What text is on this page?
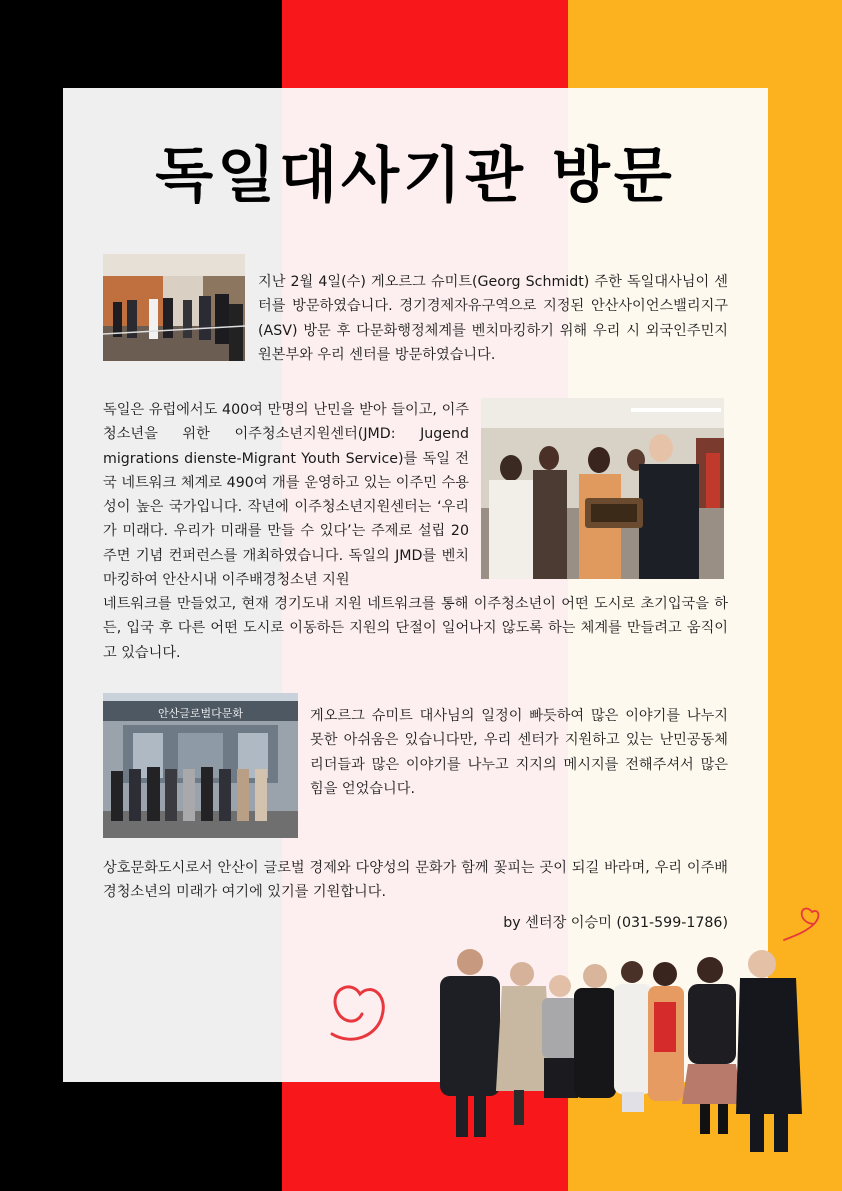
독일대사기관 방문
지난 2월 4일(수) 게오르그 슈미트(Georg Schmidt) 주한 독일대사님이 센터를 방문하였습니다. 경기경제자유구역으로 지정된 안산사이언스밸리지구(ASV) 방문 후 다문화행정체계를 벤치마킹하기 위해 우리 시 외국인주민지원본부와 우리 센터를 방문하였습니다.
독일은 유럽에서도 400여 만명의 난민을 받아 들이고, 이주청소년을 위한 이주청소년지원센터(JMD: Jugend migrations dienste-Migrant Youth Service)를 독일 전국 네트워크 체계로 490여 개를 운영하고 있는 이주민 수용성이 높은 국가입니다. 작년에 이주청소년지원센터는 ‘우리가 미래다. 우리가 미래를 만들 수 있다’는 주제로 설립 20주면 기념 컨퍼런스를 개최하였습니다. 독일의 JMD를 벤치마킹하여 안산시내 이주배경청소년 지원
네트워크를 만들었고, 현재 경기도내 지원 네트워크를 통해 이주청소년이 어떤 도시로 초기입국을 하든, 입국 후 다른 어떤 도시로 이동하든 지원의 단절이 일어나지 않도록 하는 체계를 만들려고 움직이고 있습니다.
안산글로벌다문화	게오르그 슈미트 대사님의 일정이 빠듯하여 많은 이야기를 나누지 못한 아쉬움은 있습니다만, 우리 센터가 지원하고 있는 난민공동체 리더들과 많은 이야기를 나누고 지지의 메시지를 전해주셔서 많은 힘을 얻었습니다.
상호문화도시로서 안산이 글로벌 경제와 다양성의 문화가 함께 꽃피는 곳이 되길 바라며, 우리 이주배경청소년의 미래가 여기에 있기를 기원합니다.
by 센터장 이승미 (031-599-1786)
